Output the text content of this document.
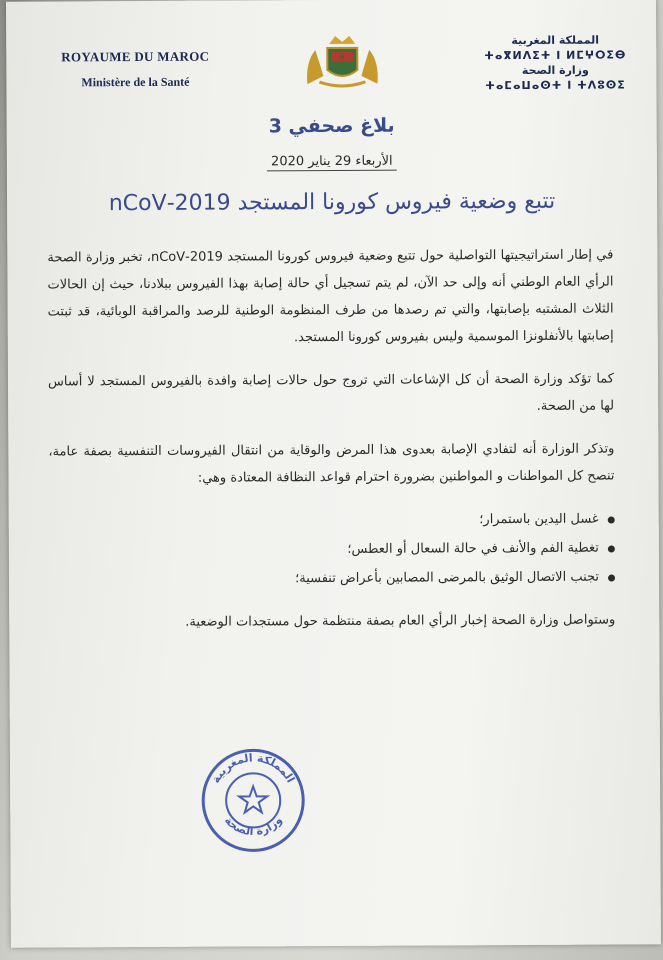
ROYAUME DU MAROC
Ministère de la Santé
المملكة المغربية
ⵜⴰⴳⵍⴷⵉⵜ ⵏ ⵍⵎⵖⵔⵉⴱ
وزارة الصحة
ⵜⴰⵎⴰⵡⴰⵙⵜ ⵏ ⵜⴷⵓⵙⵉ
بلاغ صحفي 3
الأربعاء 29 يناير 2020
تتبع وضعية فيروس كورونا المستجد 2019-nCoV

في إطار استراتيجيتها التواصلية حول تتبع وضعية فيروس كورونا المستجد 2019-nCoV، تخبر وزارة الصحة الرأي العام الوطني أنه وإلى حد الآن، لم يتم تسجيل أي حالة إصابة بهذا الفيروس ببلادنا، حيث إن الحالات الثلاث المشتبه بإصابتها، والتي تم رصدها من طرف المنظومة الوطنية للرصد والمراقبة الوبائية، قد ثبتت إصابتها بالأنفلونزا الموسمية وليس بفيروس كورونا المستجد.

كما تؤكد وزارة الصحة أن كل الإشاعات التي تروج حول حالات إصابة وافدة بالفيروس المستجد لا أساس لها من الصحة.

وتذكر الوزارة أنه لتفادي الإصابة بعدوى هذا المرض والوقاية من انتقال الفيروسات التنفسية بصفة عامة، تنصح كل المواطنات و المواطنين بضرورة احترام قواعد النظافة المعتادة وهي:

غسل اليدين باستمرار؛
تغطية الفم والأنف في حالة السعال أو العطس؛
تجنب الاتصال الوثيق بالمرضى المصابين بأعراض تنفسية؛

وستواصل وزارة الصحة إخبار الرأي العام بصفة منتظمة حول مستجدات الوضعية.

المملكة المغربية
وزارة الصحة
